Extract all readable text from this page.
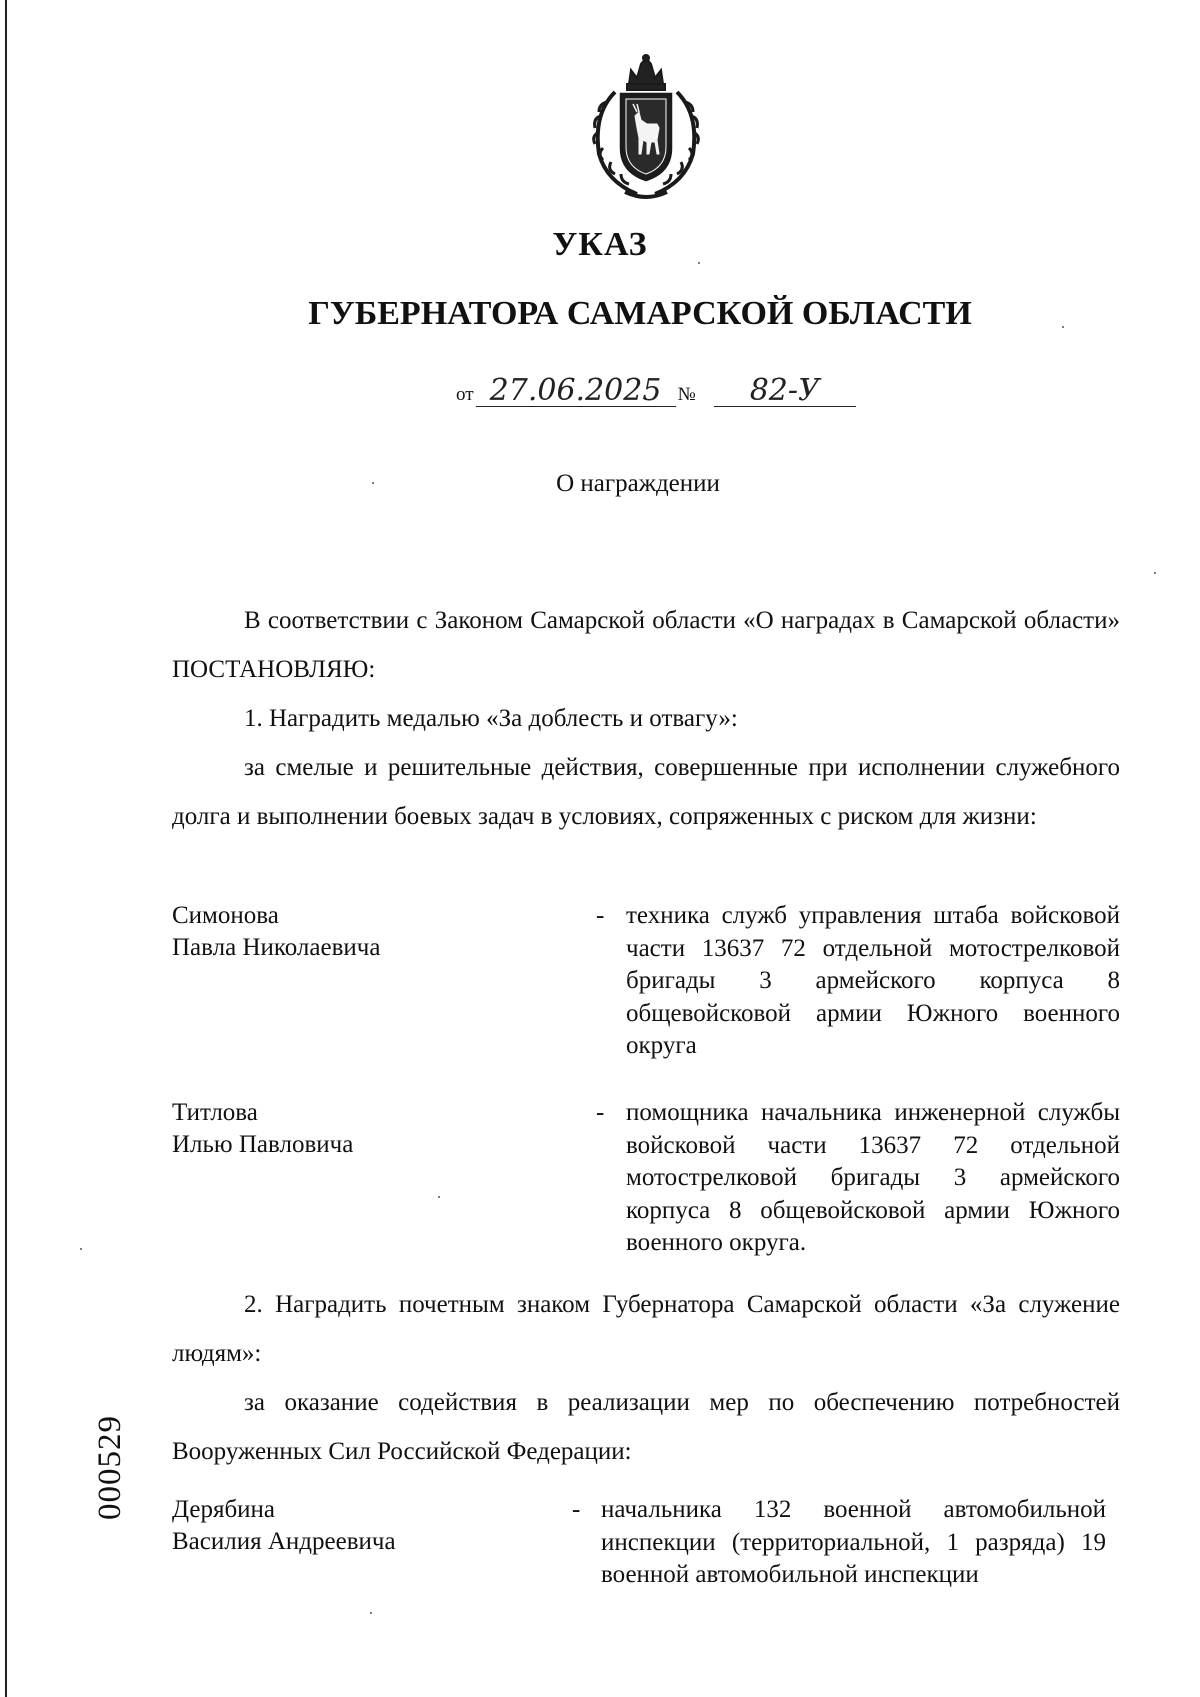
УКАЗ
ГУБЕРНАТОРА САМАРСКОЙ ОБЛАСТИ
от 27.06.2025 № 82-У
О награждении
В соответствии с Законом Самарской области «О наградах в Самарской области» ПОСТАНОВЛЯЮ:
1. Наградить медалью «За доблесть и отвагу»:
за смелые и решительные действия, совершенные при исполнении служебного долга и выполнении боевых задач в условиях, сопряженных с риском для жизни:
Симонова
Павла Николаевича
- техника служб управления штаба войсковой части 13637 72 отдельной мотострелковой бригады 3 армейского корпуса 8 общевойсковой армии Южного военного округа
Титлова
Илью Павловича
- помощника начальника инженерной службы войсковой части 13637 72 отдельной мотострелковой бригады 3 армейского корпуса 8 общевойсковой армии Южного военного округа.
2. Наградить почетным знаком Губернатора Самарской области «За служение людям»:
за оказание содействия в реализации мер по обеспечению потребностей Вооруженных Сил Российской Федерации:
Дерябина
Василия Андреевича
- начальника 132 военной автомобильной инспекции (территориальной, 1 разряда) 19 военной автомобильной инспекции
000529
